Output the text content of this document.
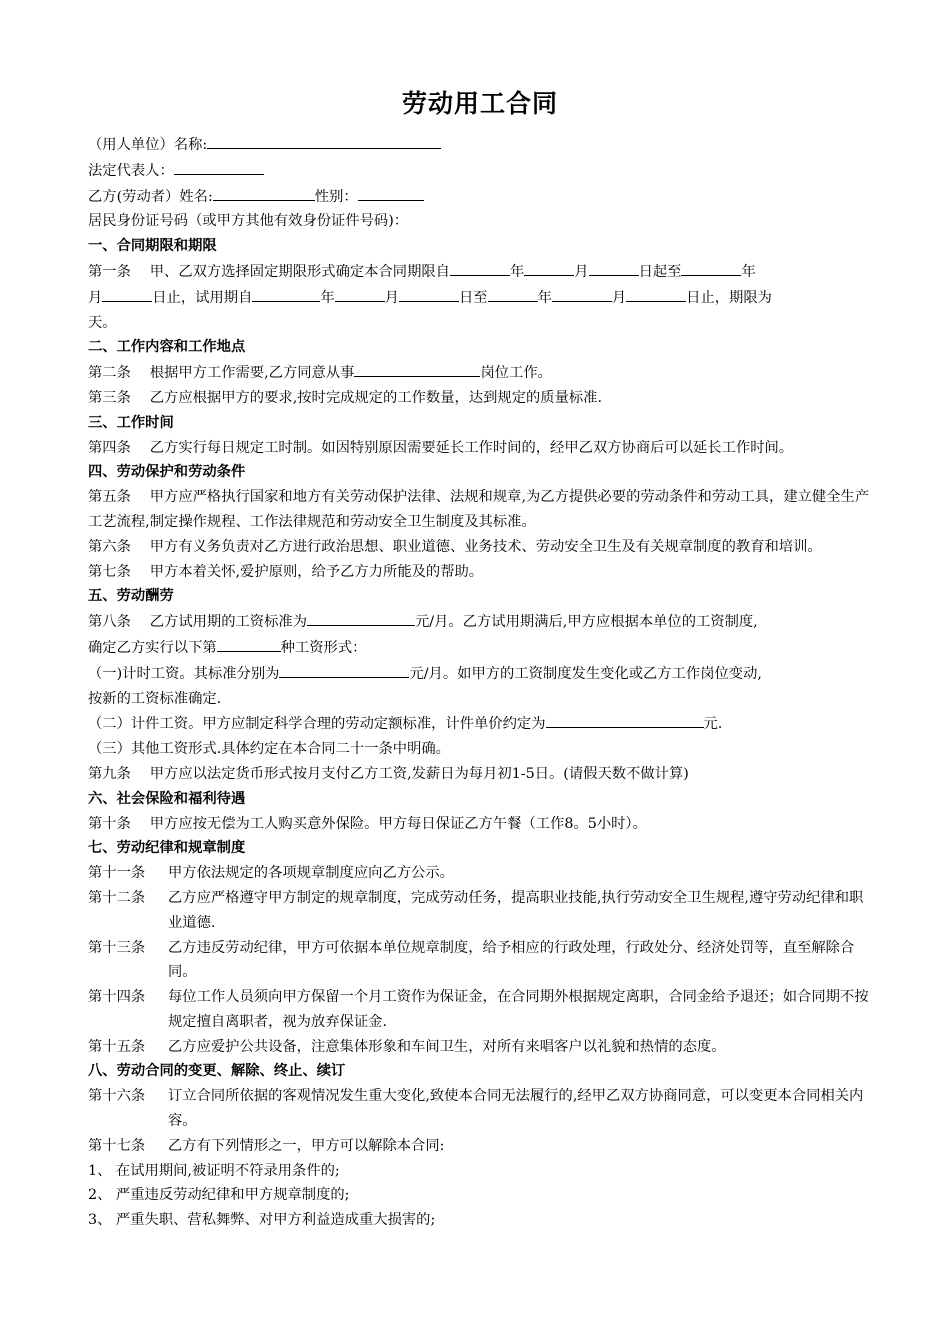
劳动用工合同

（用人单位）名称:

法定代表人：

乙方(劳动者）姓名:	性别：

居民身份证号码（或甲方其他有效身份证件号码)：

一、合同期限和期限

第一条　 甲、乙双方选择固定期限形式确定本合同期限自	年	月	日起至	年

月	日止，试用期自	年	月	日至	年	月	日止，期限为

天。

二、工作内容和工作地点

第二条　 根据甲方工作需要,乙方同意从事	岗位工作。

第三条　 乙方应根据甲方的要求,按时完成规定的工作数量，达到规定的质量标准.

三、工作时间

第四条　 乙方实行每日规定工时制。如因特别原因需要延长工作时间的，经甲乙双方协商后可以延长工作时间。

四、劳动保护和劳动条件

第五条　 甲方应严格执行国家和地方有关劳动保护法律、法规和规章,为乙方提供必要的劳动条件和劳动工具，建立健全生产工艺流程,制定操作规程、工作法律规范和劳动安全卫生制度及其标准。

第六条　 甲方有义务负责对乙方进行政治思想、职业道德、业务技术、劳动安全卫生及有关规章制度的教育和培训。

第七条　 甲方本着关怀,爱护原则，给予乙方力所能及的帮助。

五、劳动酬劳

第八条　 乙方试用期的工资标准为	元/月。乙方试用期满后,甲方应根据本单位的工资制度,

确定乙方实行以下第	种工资形式：

（一)计时工资。其标准分别为	元/月。如甲方的工资制度发生变化或乙方工作岗位变动,

按新的工资标准确定.

（二）计件工资。甲方应制定科学合理的劳动定额标准，计件单价约定为	元.

（三）其他工资形式.具体约定在本合同二十一条中明确。

第九条　 甲方应以法定货币形式按月支付乙方工资,发薪日为每月初1-5日。(请假天数不做计算)

六、社会保险和福利待遇

第十条　 甲方应按无偿为工人购买意外保险。甲方每日保证乙方午餐（工作8。5小时）。

七、劳动纪律和规章制度
第十一条	甲方依法规定的各项规章制度应向乙方公示。
第十二条	乙方应严格遵守甲方制定的规章制度，完成劳动任务，提高职业技能,执行劳动安全卫生规程,遵守劳动纪律和职业道德.
第十三条	乙方违反劳动纪律，甲方可依据本单位规章制度，给予相应的行政处理，行政处分、经济处罚等，直至解除合同。
第十四条	每位工作人员须向甲方保留一个月工资作为保证金，在合同期外根据规定离职，合同金给予退还；如合同期不按规定擅自离职者，视为放弃保证金.
第十五条	乙方应爱护公共设备，注意集体形象和车间卫生，对所有来唱客户以礼貌和热情的态度。
八、劳动合同的变更、解除、终止、续订
第十六条	订立合同所依据的客观情况发生重大变化,致使本合同无法履行的,经甲乙双方协商同意，可以变更本合同相关内容。
第十七条	乙方有下列情形之一，甲方可以解除本合同:

1、 在试用期间,被证明不符录用条件的;

2、 严重违反劳动纪律和甲方规章制度的;

3、 严重失职、营私舞弊、对甲方利益造成重大损害的;
